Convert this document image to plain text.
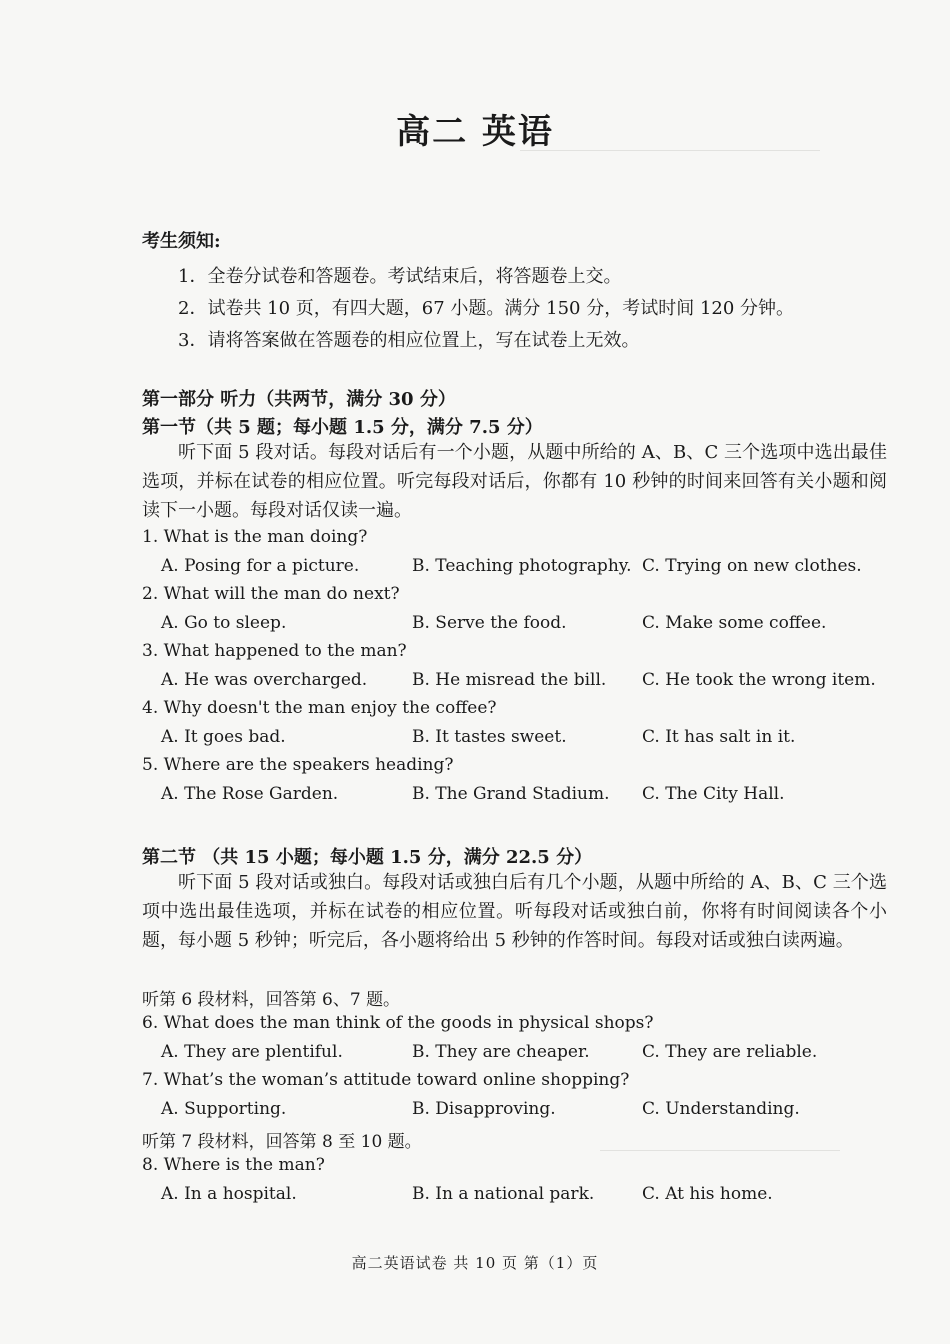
高二 英语
考生须知:
1．全卷分试卷和答题卷。考试结束后，将答题卷上交。
2．试卷共 10 页，有四大题，67 小题。满分 150 分，考试时间 120 分钟。
3．请将答案做在答题卷的相应位置上，写在试卷上无效。
第一部分 听力（共两节，满分 30 分）
第一节（共 5 题；每小题 1.5 分，满分 7.5 分）
听下面 5 段对话。每段对话后有一个小题，从题中所给的 A、B、C 三个选项中选出最佳选项，并标在试卷的相应位置。听完每段对话后，你都有 10 秒钟的时间来回答有关小题和阅读下一小题。每段对话仅读一遍。
1. What is the man doing?
A. Posing for a picture.	B. Teaching photography. C. Trying on new clothes.
2. What will the man do next?
A. Go to sleep.	B. Serve the food.	C. Make some coffee.
3. What happened to the man?
A. He was overcharged.	B. He misread the bill. C. He took the wrong item.
4. Why doesn't the man enjoy the coffee?
A. It goes bad.	B. It tastes sweet.	C. It has salt in it.
5. Where are the speakers heading?
A. The Rose Garden.	B. The Grand Stadium. C. The City Hall.
第二节 （共 15 小题；每小题 1.5 分，满分 22.5 分）
听下面 5 段对话或独白。每段对话或独白后有几个小题，从题中所给的 A、B、C 三个选项中选出最佳选项，并标在试卷的相应位置。听每段对话或独白前，你将有时间阅读各个小题，每小题 5 秒钟；听完后，各小题将给出 5 秒钟的作答时间。每段对话或独白读两遍。
听第 6 段材料，回答第 6、7 题。
6. What does the man think of the goods in physical shops?
A. They are plentiful.	B. They are cheaper.	C. They are reliable.
7. What’s the woman’s attitude toward online shopping?
A. Supporting.	B. Disapproving.	C. Understanding.
听第 7 段材料，回答第 8 至 10 题。
8. Where is the man?
A. In a hospital.	B. In a national park.	C. At his home.
高二英语试卷 共 10 页 第（1）页
